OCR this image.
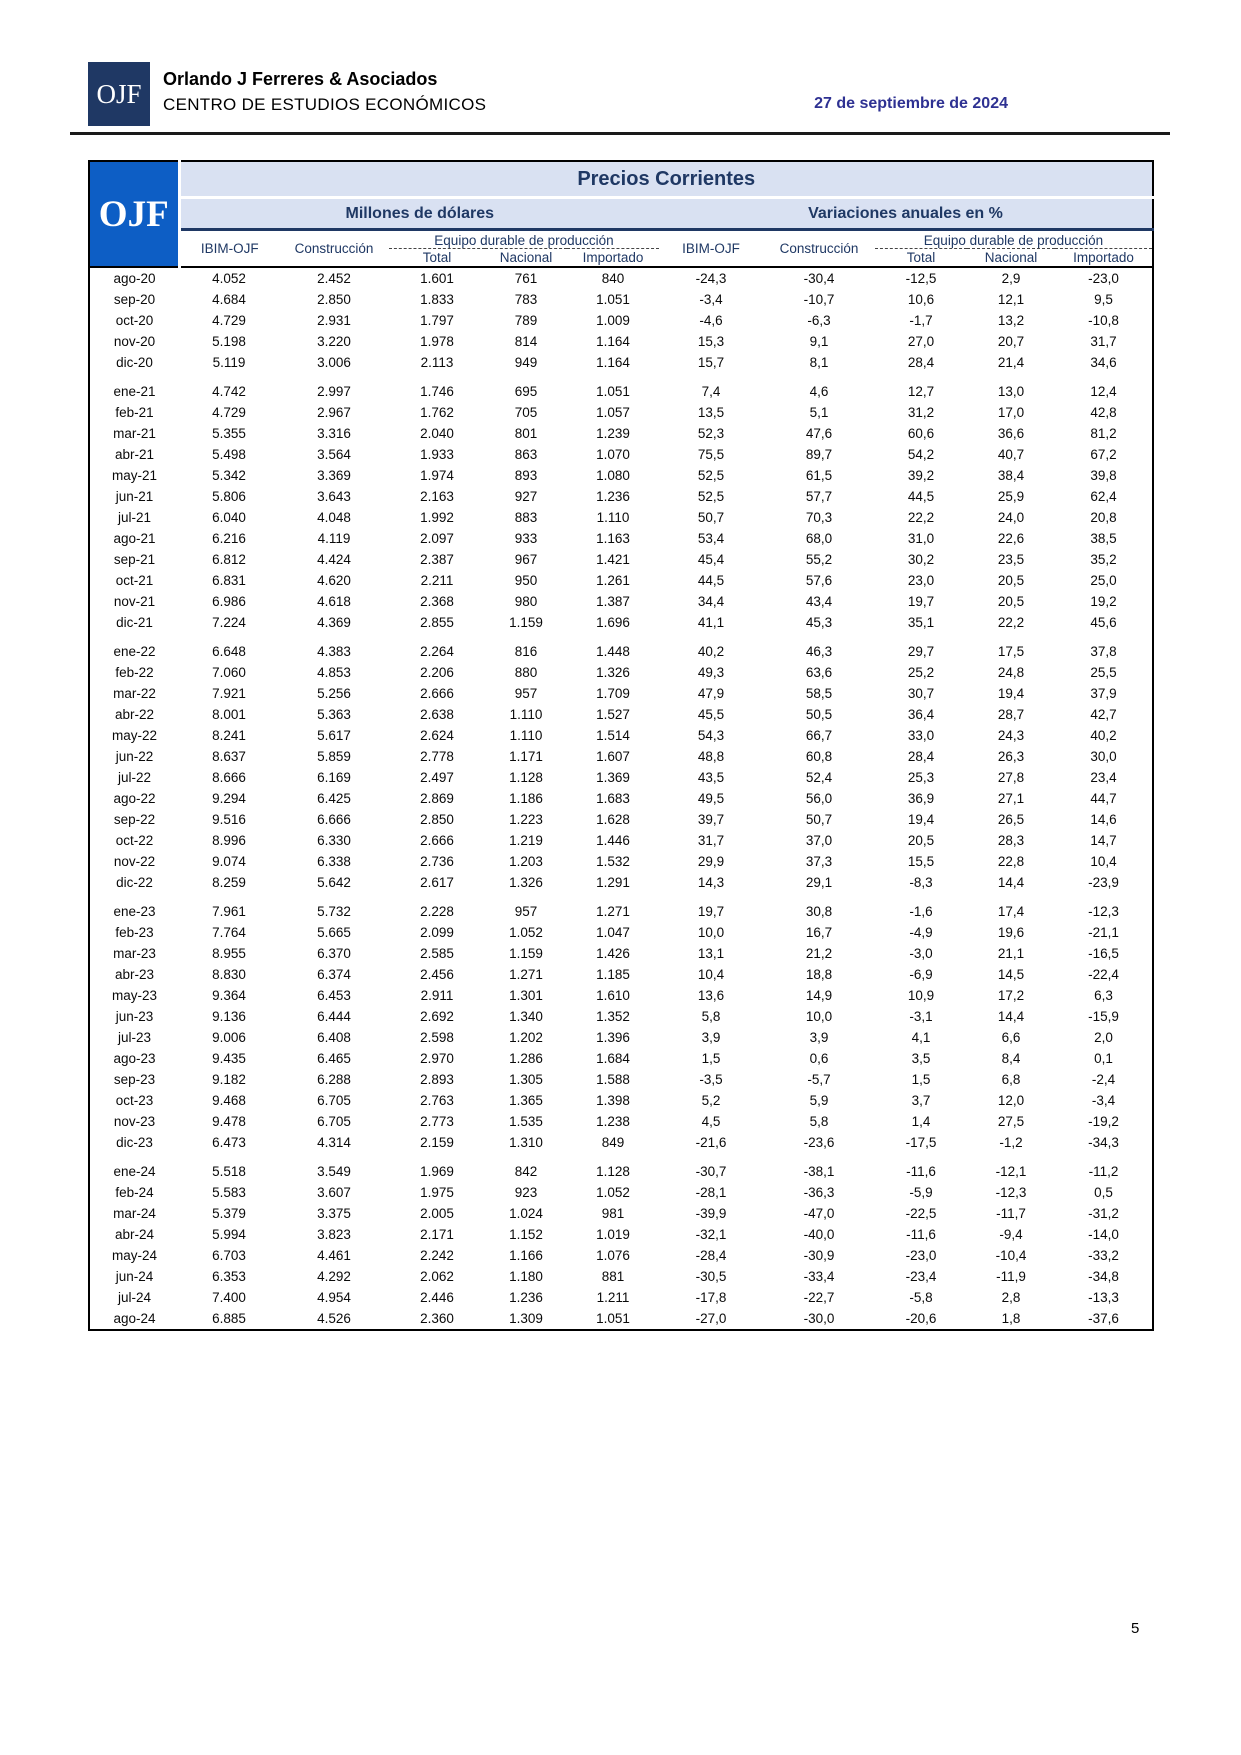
OJF Orlando J Ferreres & Asociados
CENTRO DE ESTUDIOS ECONÓMICOS	27 de septiembre de 2024
OJF	Precios Corrientes									
	Millones de dólares					Variaciones anuales en %				
	IBIM-OJF	Construcción	Equipo durable de producción			IBIM-OJF	Construcción	Equipo durable de producción		
			Total	Nacional	Importado			Total	Nacional	Importado
ago-20	4.052	2.452	1.601	761	840	-24,3	-30,4	-12,5	2,9	-23,0
sep-20	4.684	2.850	1.833	783	1.051	-3,4	-10,7	10,6	12,1	9,5
oct-20	4.729	2.931	1.797	789	1.009	-4,6	-6,3	-1,7	13,2	-10,8
nov-20	5.198	3.220	1.978	814	1.164	15,3	9,1	27,0	20,7	31,7
dic-20	5.119	3.006	2.113	949	1.164	15,7	8,1	28,4	21,4	34,6

ene-21	4.742	2.997	1.746	695	1.051	7,4	4,6	12,7	13,0	12,4
feb-21	4.729	2.967	1.762	705	1.057	13,5	5,1	31,2	17,0	42,8
mar-21	5.355	3.316	2.040	801	1.239	52,3	47,6	60,6	36,6	81,2
abr-21	5.498	3.564	1.933	863	1.070	75,5	89,7	54,2	40,7	67,2
may-21	5.342	3.369	1.974	893	1.080	52,5	61,5	39,2	38,4	39,8
jun-21	5.806	3.643	2.163	927	1.236	52,5	57,7	44,5	25,9	62,4
jul-21	6.040	4.048	1.992	883	1.110	50,7	70,3	22,2	24,0	20,8
ago-21	6.216	4.119	2.097	933	1.163	53,4	68,0	31,0	22,6	38,5
sep-21	6.812	4.424	2.387	967	1.421	45,4	55,2	30,2	23,5	35,2
oct-21	6.831	4.620	2.211	950	1.261	44,5	57,6	23,0	20,5	25,0
nov-21	6.986	4.618	2.368	980	1.387	34,4	43,4	19,7	20,5	19,2
dic-21	7.224	4.369	2.855	1.159	1.696	41,1	45,3	35,1	22,2	45,6

ene-22	6.648	4.383	2.264	816	1.448	40,2	46,3	29,7	17,5	37,8
feb-22	7.060	4.853	2.206	880	1.326	49,3	63,6	25,2	24,8	25,5
mar-22	7.921	5.256	2.666	957	1.709	47,9	58,5	30,7	19,4	37,9
abr-22	8.001	5.363	2.638	1.110	1.527	45,5	50,5	36,4	28,7	42,7
may-22	8.241	5.617	2.624	1.110	1.514	54,3	66,7	33,0	24,3	40,2
jun-22	8.637	5.859	2.778	1.171	1.607	48,8	60,8	28,4	26,3	30,0
jul-22	8.666	6.169	2.497	1.128	1.369	43,5	52,4	25,3	27,8	23,4
ago-22	9.294	6.425	2.869	1.186	1.683	49,5	56,0	36,9	27,1	44,7
sep-22	9.516	6.666	2.850	1.223	1.628	39,7	50,7	19,4	26,5	14,6
oct-22	8.996	6.330	2.666	1.219	1.446	31,7	37,0	20,5	28,3	14,7
nov-22	9.074	6.338	2.736	1.203	1.532	29,9	37,3	15,5	22,8	10,4
dic-22	8.259	5.642	2.617	1.326	1.291	14,3	29,1	-8,3	14,4	-23,9

ene-23	7.961	5.732	2.228	957	1.271	19,7	30,8	-1,6	17,4	-12,3
feb-23	7.764	5.665	2.099	1.052	1.047	10,0	16,7	-4,9	19,6	-21,1
mar-23	8.955	6.370	2.585	1.159	1.426	13,1	21,2	-3,0	21,1	-16,5
abr-23	8.830	6.374	2.456	1.271	1.185	10,4	18,8	-6,9	14,5	-22,4
may-23	9.364	6.453	2.911	1.301	1.610	13,6	14,9	10,9	17,2	6,3
jun-23	9.136	6.444	2.692	1.340	1.352	5,8	10,0	-3,1	14,4	-15,9
jul-23	9.006	6.408	2.598	1.202	1.396	3,9	3,9	4,1	6,6	2,0
ago-23	9.435	6.465	2.970	1.286	1.684	1,5	0,6	3,5	8,4	0,1
sep-23	9.182	6.288	2.893	1.305	1.588	-3,5	-5,7	1,5	6,8	-2,4
oct-23	9.468	6.705	2.763	1.365	1.398	5,2	5,9	3,7	12,0	-3,4
nov-23	9.478	6.705	2.773	1.535	1.238	4,5	5,8	1,4	27,5	-19,2
dic-23	6.473	4.314	2.159	1.310	849	-21,6	-23,6	-17,5	-1,2	-34,3

ene-24	5.518	3.549	1.969	842	1.128	-30,7	-38,1	-11,6	-12,1	-11,2
feb-24	5.583	3.607	1.975	923	1.052	-28,1	-36,3	-5,9	-12,3	0,5
mar-24	5.379	3.375	2.005	1.024	981	-39,9	-47,0	-22,5	-11,7	-31,2
abr-24	5.994	3.823	2.171	1.152	1.019	-32,1	-40,0	-11,6	-9,4	-14,0
may-24	6.703	4.461	2.242	1.166	1.076	-28,4	-30,9	-23,0	-10,4	-33,2
jun-24	6.353	4.292	2.062	1.180	881	-30,5	-33,4	-23,4	-11,9	-34,8
jul-24	7.400	4.954	2.446	1.236	1.211	-17,8	-22,7	-5,8	2,8	-13,3
ago-24	6.885	4.526	2.360	1.309	1.051	-27,0	-30,0	-20,6	1,8	-37,6
5
